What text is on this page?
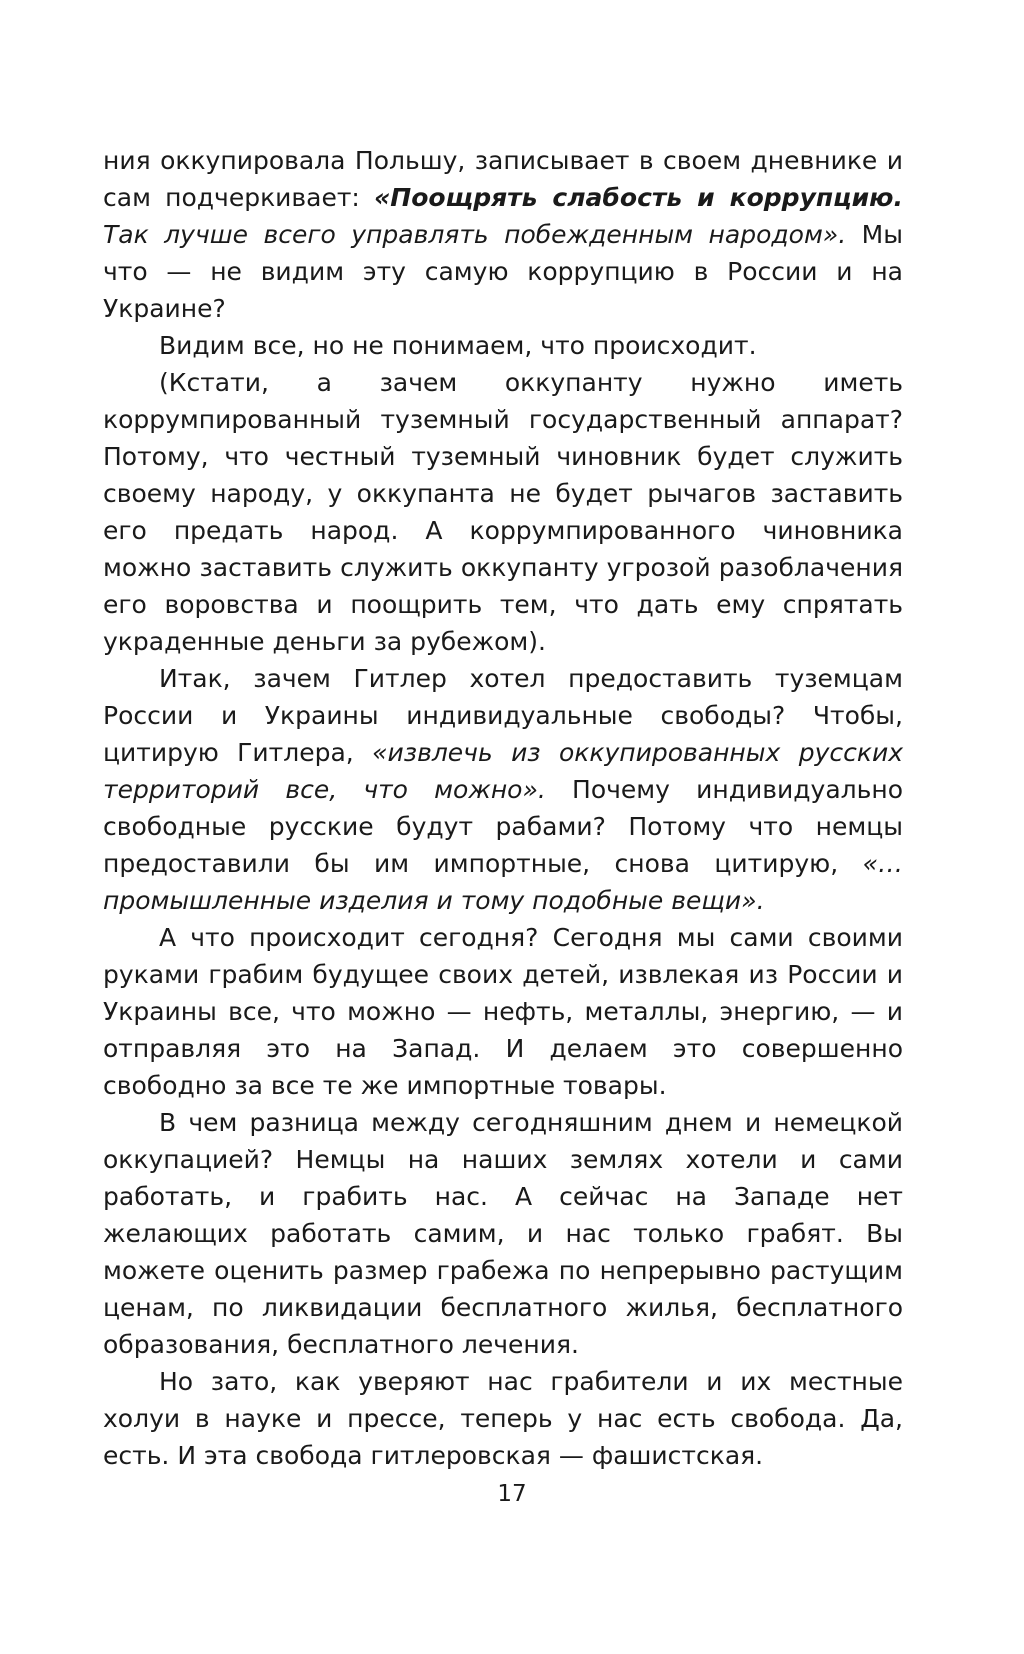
ния оккупировала Польшу, записывает в своем дневнике и сам подчеркивает: «Поощрять слабость и коррупцию. Так лучше всего управлять побежденным народом». Мы что — не видим эту самую коррупцию в России и на Украине?

Видим все, но не понимаем, что происходит.

(Кстати, а зачем оккупанту нужно иметь коррумпированный туземный государственный аппарат? Потому, что честный туземный чиновник будет служить своему народу, у оккупанта не будет рычагов заставить его предать народ. А коррумпированного чиновника можно заставить служить оккупанту угрозой разоблачения его воровства и поощрить тем, что дать ему спрятать украденные деньги за рубежом).

Итак, зачем Гитлер хотел предоставить туземцам России и Украины индивидуальные свободы? Чтобы, цитирую Гитлера, «извлечь из оккупированных русских территорий все, что можно». Почему индивидуально свободные русские будут рабами? Потому что немцы предоставили бы им импортные, снова цитирую, «…промышленные изделия и тому подобные вещи».

А что происходит сегодня? Сегодня мы сами своими руками грабим будущее своих детей, извлекая из России и Украины все, что можно — нефть, металлы, энергию, — и отправляя это на Запад. И делаем это совершенно свободно за все те же импортные товары.

В чем разница между сегодняшним днем и немецкой оккупацией? Немцы на наших землях хотели и сами работать, и грабить нас. А сейчас на Западе нет желающих работать самим, и нас только грабят. Вы можете оценить размер грабежа по непрерывно растущим ценам, по ликвидации бесплатного жилья, бесплатного образования, бесплатного лечения.

Но зато, как уверяют нас грабители и их местные холуи в науке и прессе, теперь у нас есть свобода. Да, есть. И эта свобода гитлеровская — фашистская.

17
